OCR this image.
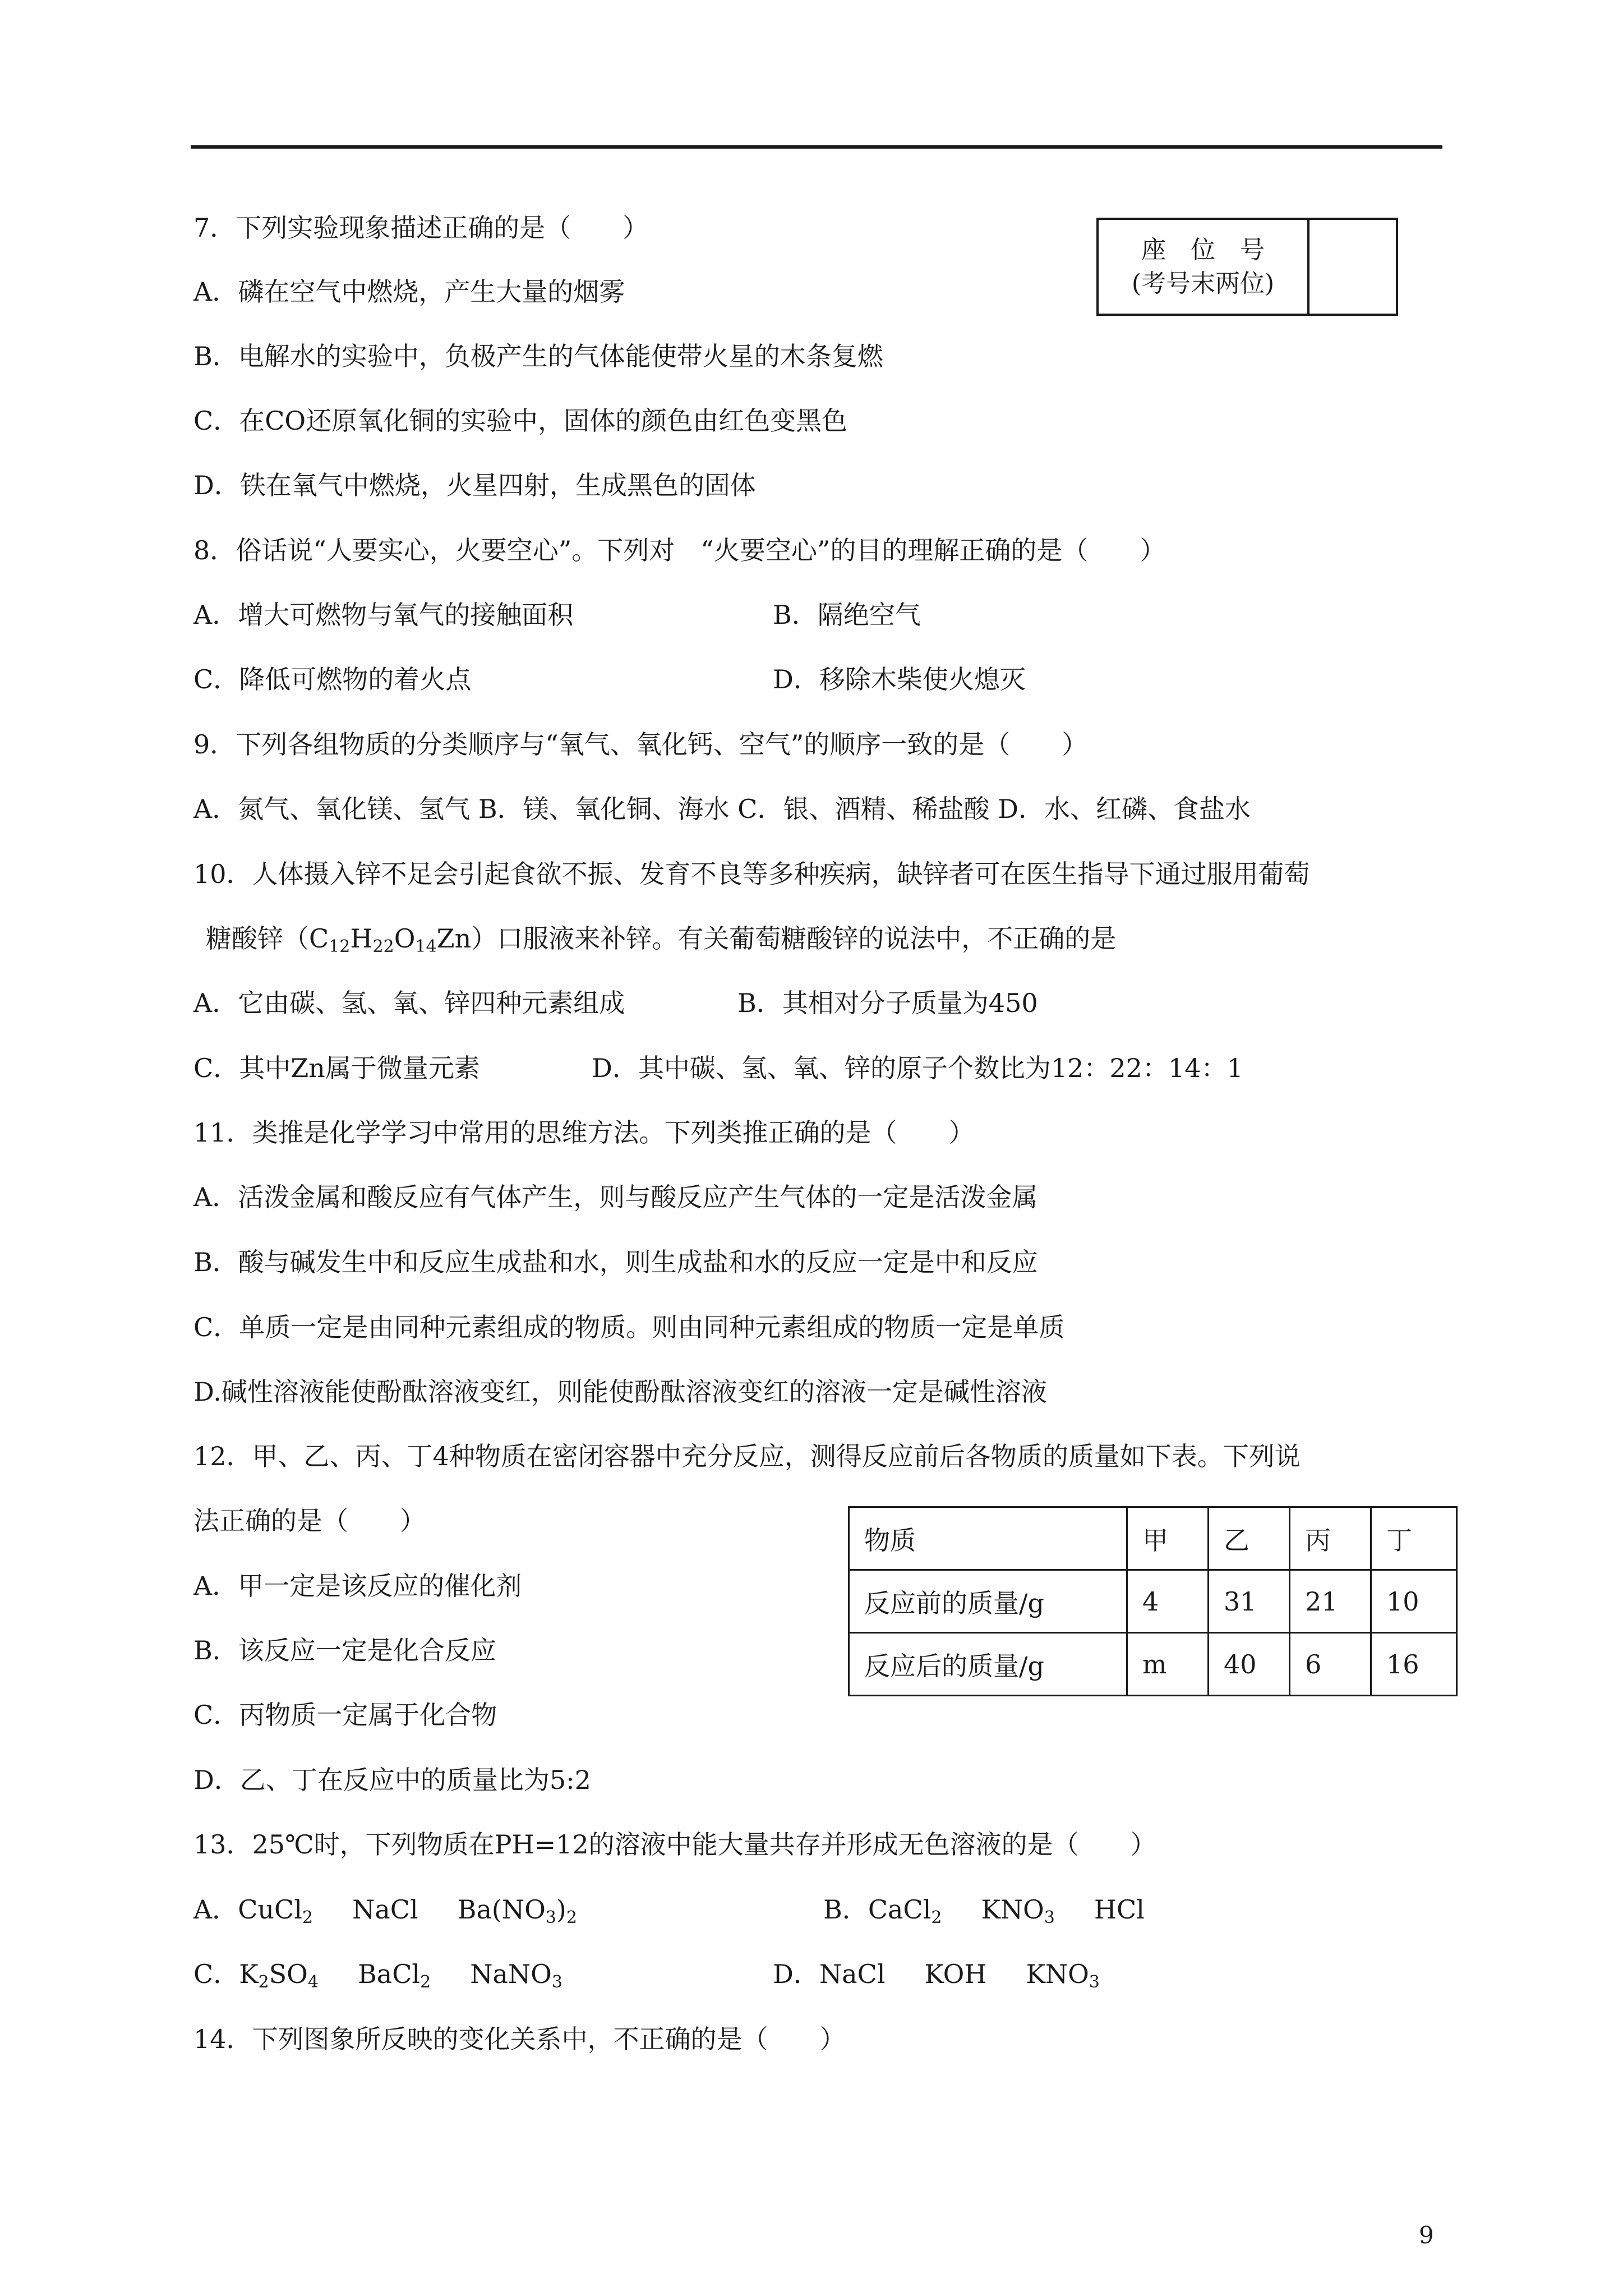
座　位　号
(考号末两位)
7．下列实验现象描述正确的是（　　）
A．磷在空气中燃烧，产生大量的烟雾
B．电解水的实验中，负极产生的气体能使带火星的木条复燃
C．在CO还原氧化铜的实验中，固体的颜色由红色变黑色
D．铁在氧气中燃烧，火星四射，生成黑色的固体
8．俗话说“人要实心，火要空心”。下列对　“火要空心”的目的理解正确的是（　　）
A．增大可燃物与氧气的接触面积	B．隔绝空气
C．降低可燃物的着火点	D．移除木柴使火熄灭
9．下列各组物质的分类顺序与“氧气、氧化钙、空气”的顺序一致的是（　　）
A．氮气、氧化镁、氢气 B．镁、氧化铜、海水 C．银、酒精、稀盐酸 D．水、红磷、食盐水
10．人体摄入锌不足会引起食欲不振、发育不良等多种疾病，缺锌者可在医生指导下通过服用葡萄
糖酸锌$(C_{12}H_{22}O_{14}Zn)$口服液来补锌。有关葡萄糖酸锌的说法中，不正确的是
A．它由碳、氢、氧、锌四种元素组成	B．其相对分子质量为450
C．其中Zn属于微量元素	D．其中碳、氢、氧、锌的原子个数比为12：22：14：1
11．类推是化学学习中常用的思维方法。下列类推正确的是（　　）
A．活泼金属和酸反应有气体产生，则与酸反应产生气体的一定是活泼金属
B．酸与碱发生中和反应生成盐和水，则生成盐和水的反应一定是中和反应
C．单质一定是由同种元素组成的物质。则由同种元素组成的物质一定是单质
D.碱性溶液能使酚酞溶液变红，则能使酚酞溶液变红的溶液一定是碱性溶液
12．甲、乙、丙、丁4种物质在密闭容器中充分反应，测得反应前后各物质的质量如下表。下列说
法正确的是（　　）
A．甲一定是该反应的催化剂
B．该反应一定是化合反应
C．丙物质一定属于化合物
D．乙、丁在反应中的质量比为5:2
物质	甲	乙	丙	丁
反应前的质量/g	4	31	21	10
反应后的质量/g	m	40	6	16
13．25℃时，下列物质在PH=12的溶液中能大量共存并形成无色溶液的是（　　）
A．CuCl$_2$ NaCl $Ba(NO_3)_2$	B．CaCl$_2$ $KNO_3$ HCl
C．$K_2SO_4$ BaCl$_2$ NaNO$_3$	D．NaCl KOH $KNO_3$
14．下列图象所反映的变化关系中，不正确的是（　　）
9
